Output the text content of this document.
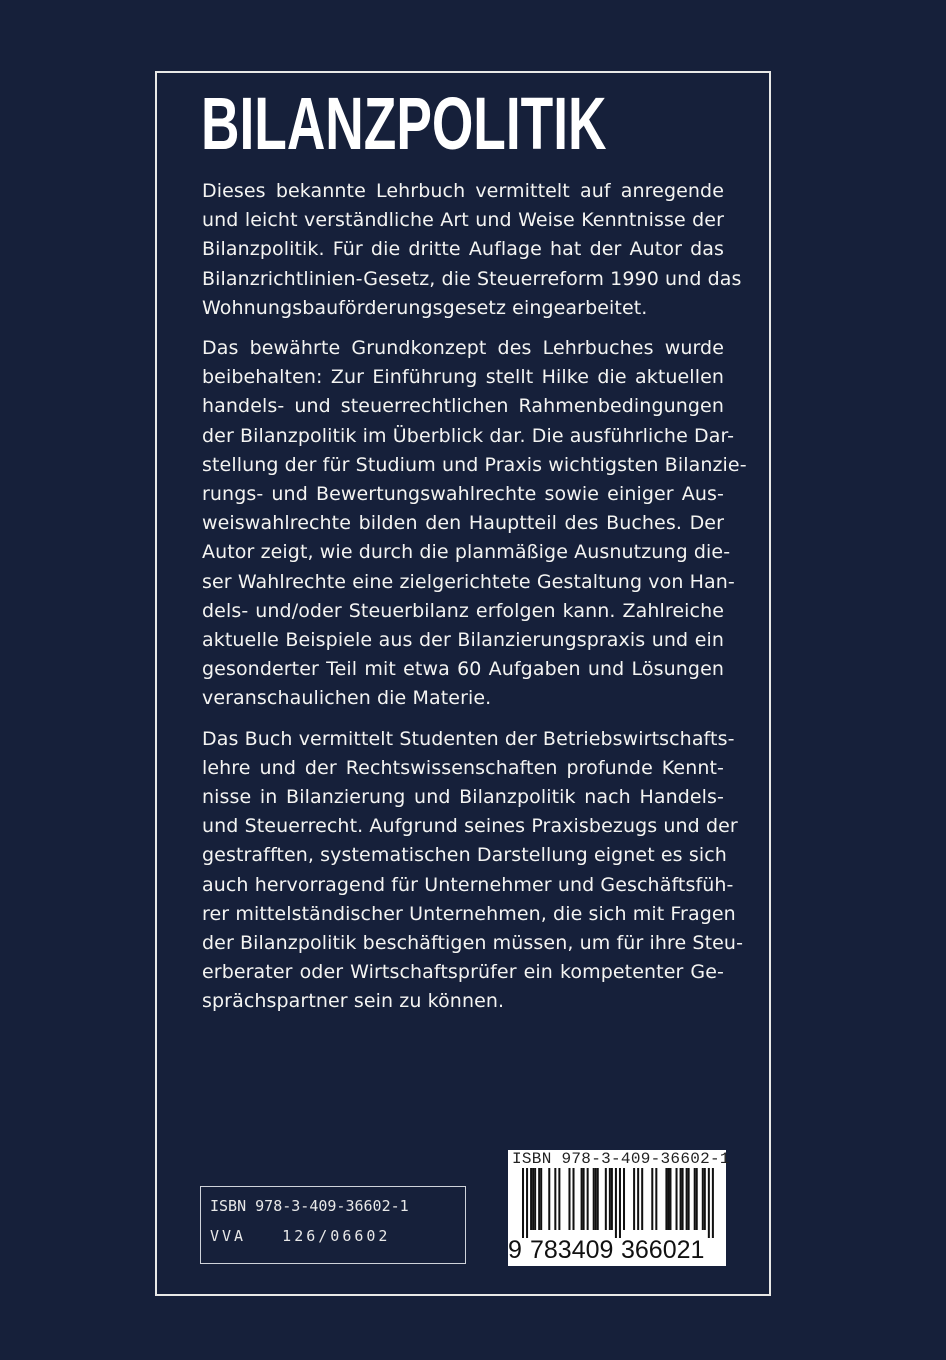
BILANZPOLITIK
Dieses bekannte Lehrbuch vermittelt auf anregende
und leicht verständliche Art und Weise Kenntnisse der
Bilanzpolitik. Für die dritte Auflage hat der Autor das
Bilanzrichtlinien-Gesetz, die Steuerreform 1990 und das
Wohnungsbauförderungsgesetz eingearbeitet.
Das bewährte Grundkonzept des Lehrbuches wurde
beibehalten: Zur Einführung stellt Hilke die aktuellen
handels- und steuerrechtlichen Rahmenbedingungen
der Bilanzpolitik im Überblick dar. Die ausführliche Dar-
stellung der für Studium und Praxis wichtigsten Bilanzie-
rungs- und Bewertungswahlrechte sowie einiger Aus-
weiswahlrechte bilden den Hauptteil des Buches. Der
Autor zeigt, wie durch die planmäßige Ausnutzung die-
ser Wahlrechte eine zielgerichtete Gestaltung von Han-
dels- und/oder Steuerbilanz erfolgen kann. Zahlreiche
aktuelle Beispiele aus der Bilanzierungspraxis und ein
gesonderter Teil mit etwa 60 Aufgaben und Lösungen
veranschaulichen die Materie.
Das Buch vermittelt Studenten der Betriebswirtschafts-
lehre und der Rechtswissenschaften profunde Kennt-
nisse in Bilanzierung und Bilanzpolitik nach Handels-
und Steuerrecht. Aufgrund seines Praxisbezugs und der
gestrafften, systematischen Darstellung eignet es sich
auch hervorragend für Unternehmer und Geschäftsfüh-
rer mittelständischer Unternehmen, die sich mit Fragen
der Bilanzpolitik beschäftigen müssen, um für ihre Steu-
erberater oder Wirtschaftsprüfer ein kompetenter Ge-
sprächspartner sein zu können.
ISBN 978-3-409-36602-1
VVA   126/06602
ISBN 978-3-409-36602-1
9 783409 366021
